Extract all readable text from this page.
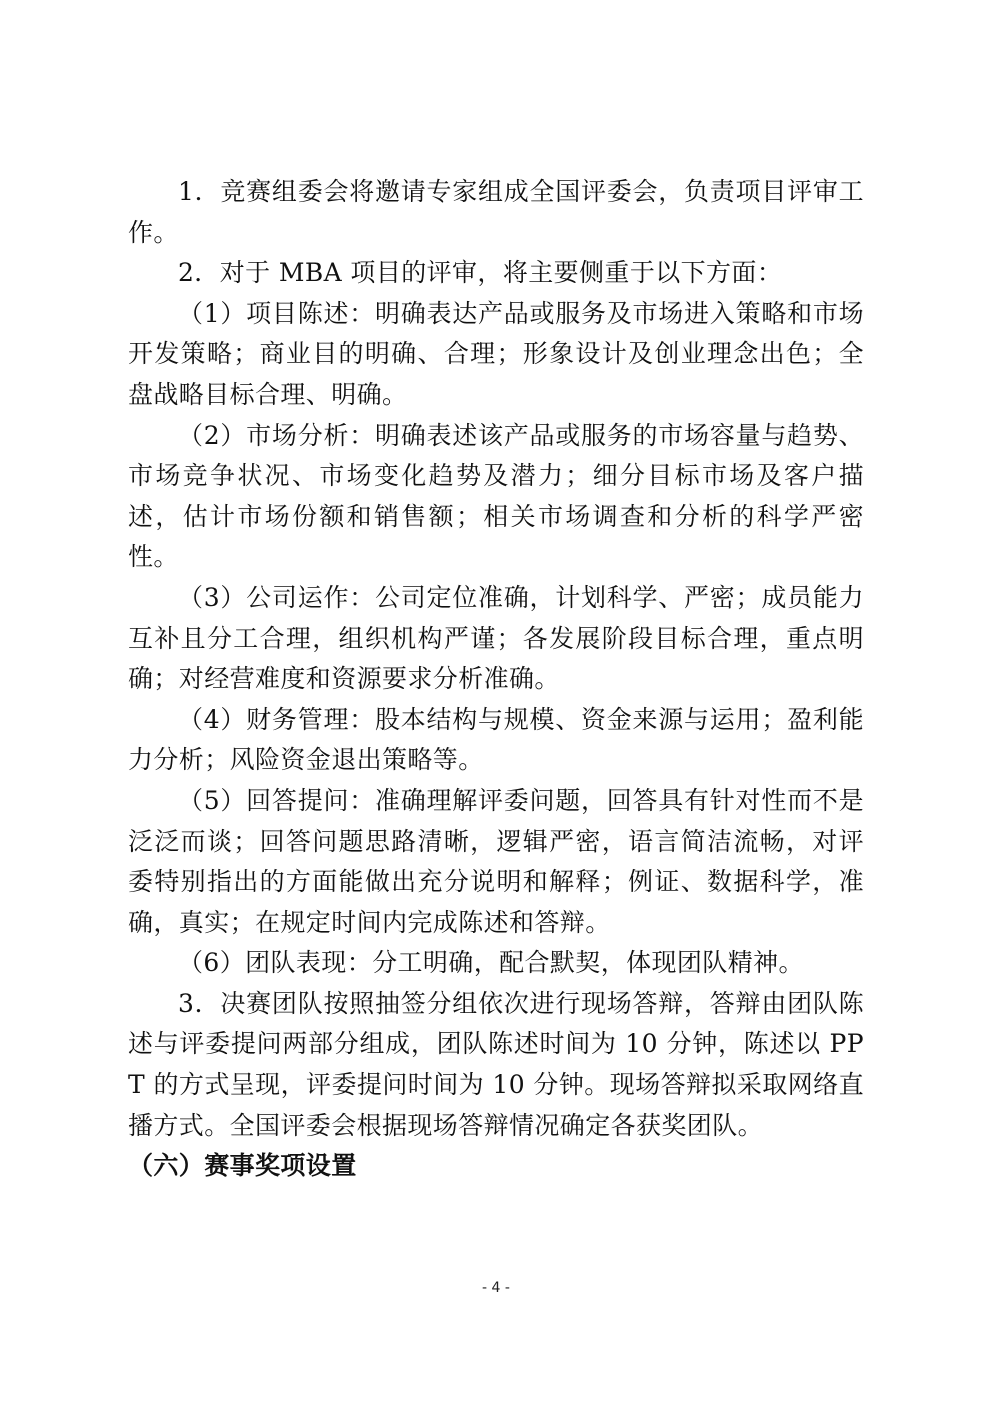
1．竞赛组委会将邀请专家组成全国评委会，负责项目评审工作。

2．对于 MBA 项目的评审，将主要侧重于以下方面：

（1）项目陈述：明确表达产品或服务及市场进入策略和市场开发策略；商业目的明确、合理；形象设计及创业理念出色；全盘战略目标合理、明确。

（2）市场分析：明确表述该产品或服务的市场容量与趋势、市场竞争状况、市场变化趋势及潜力；细分目标市场及客户描述，估计市场份额和销售额；相关市场调查和分析的科学严密性。

（3）公司运作：公司定位准确，计划科学、严密；成员能力互补且分工合理，组织机构严谨；各发展阶段目标合理，重点明确；对经营难度和资源要求分析准确。

（4）财务管理：股本结构与规模、资金来源与运用；盈利能力分析；风险资金退出策略等。

（5）回答提问：准确理解评委问题，回答具有针对性而不是泛泛而谈；回答问题思路清晰，逻辑严密，语言简洁流畅，对评委特别指出的方面能做出充分说明和解释；例证、数据科学，准确，真实；在规定时间内完成陈述和答辩。

（6）团队表现：分工明确，配合默契，体现团队精神。

3．决赛团队按照抽签分组依次进行现场答辩，答辩由团队陈述与评委提问两部分组成，团队陈述时间为 10 分钟，陈述以 PPT 的方式呈现，评委提问时间为 10 分钟。现场答辩拟采取网络直播方式。全国评委会根据现场答辩情况确定各获奖团队。

（六）赛事奖项设置

- 4 -
